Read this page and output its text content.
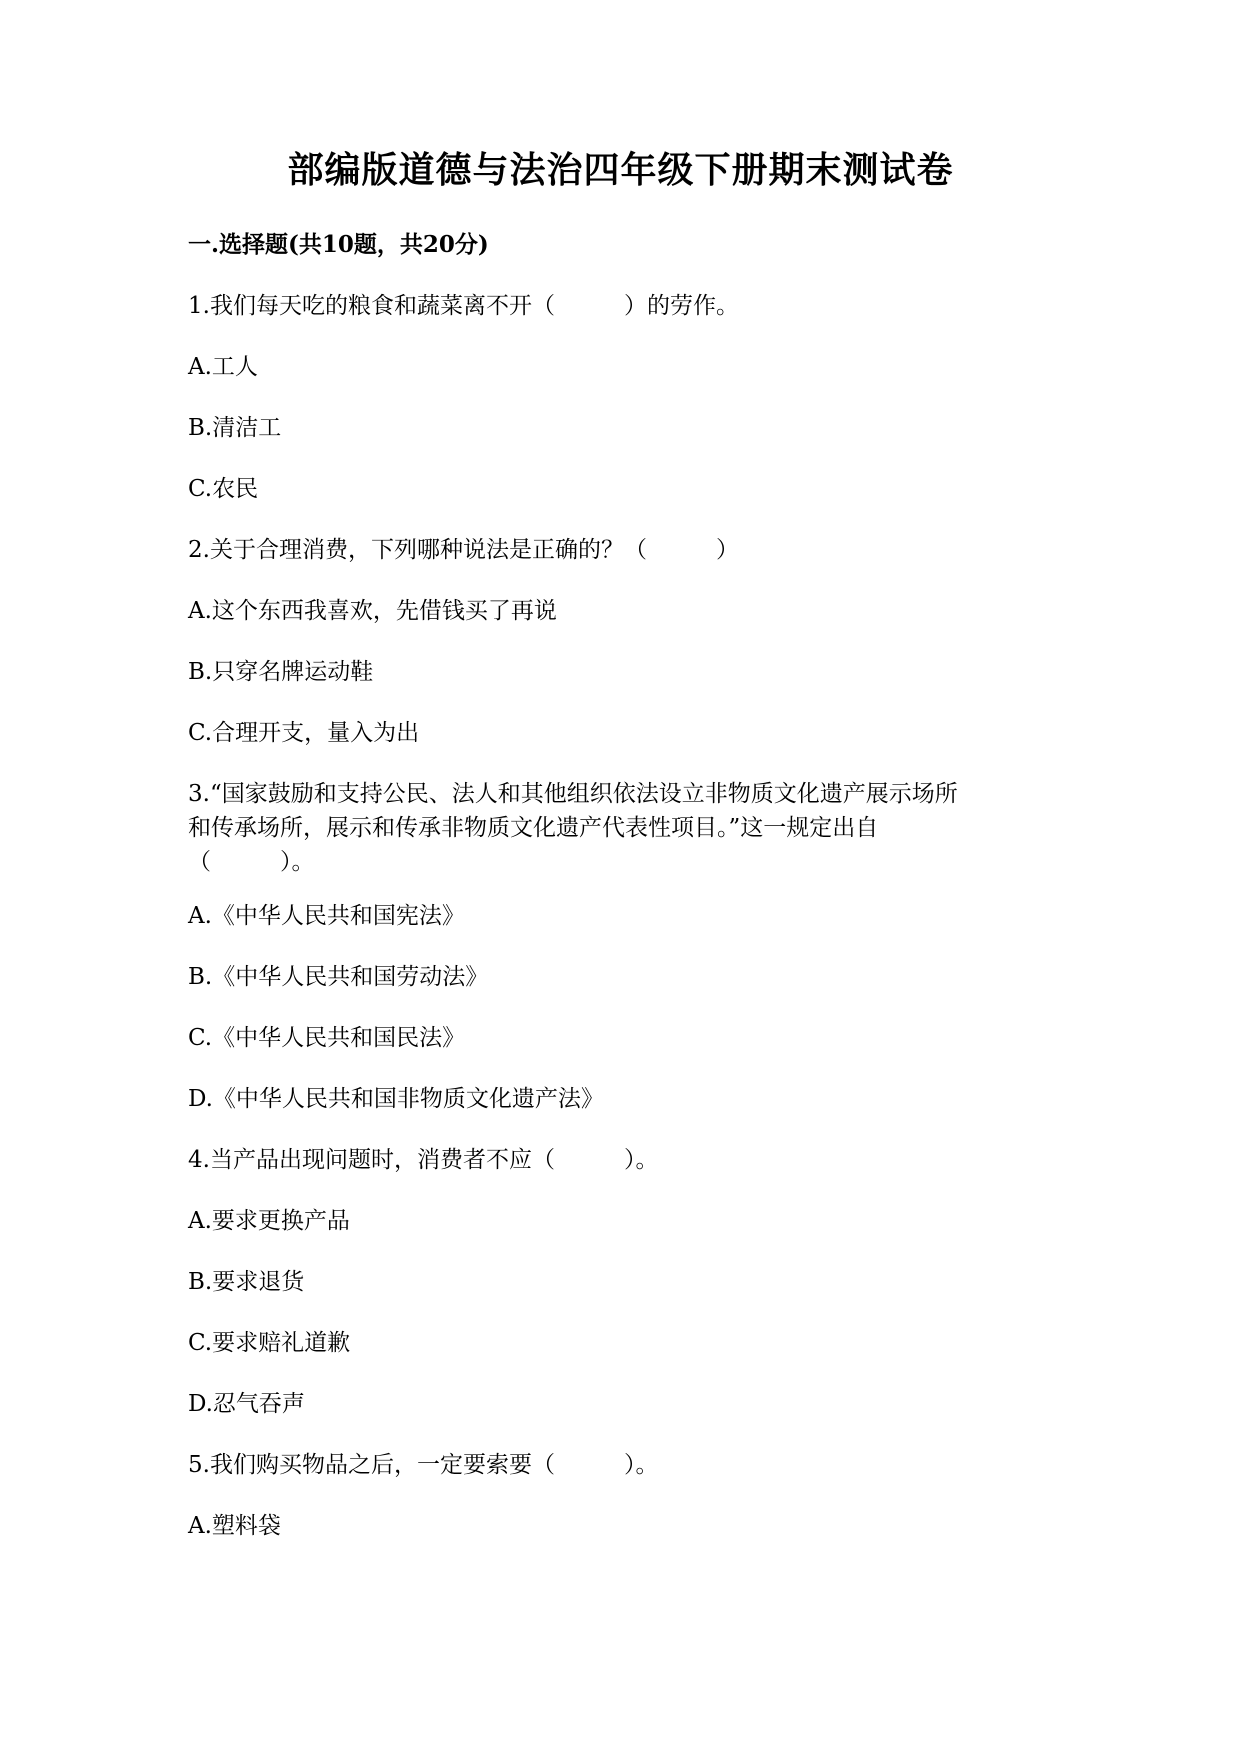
部编版道德与法治四年级下册期末测试卷
一.选择题(共10题，共20分)
1.我们每天吃的粮食和蔬菜离不开（　　　）的劳作。
A.工人
B.清洁工
C.农民
2.关于合理消费，下列哪种说法是正确的？（　　　）
A.这个东西我喜欢，先借钱买了再说
B.只穿名牌运动鞋
C.合理开支，量入为出
3.“国家鼓励和支持公民、法人和其他组织依法设立非物质文化遗产展示场所
和传承场所，展示和传承非物质文化遗产代表性项目。”这一规定出自
（　　　）。
A.《中华人民共和国宪法》
B.《中华人民共和国劳动法》
C.《中华人民共和国民法》
D.《中华人民共和国非物质文化遗产法》
4.当产品出现问题时，消费者不应（　　　）。
A.要求更换产品
B.要求退货
C.要求赔礼道歉
D.忍气吞声
5.我们购买物品之后，一定要索要（　　　）。
A.塑料袋
